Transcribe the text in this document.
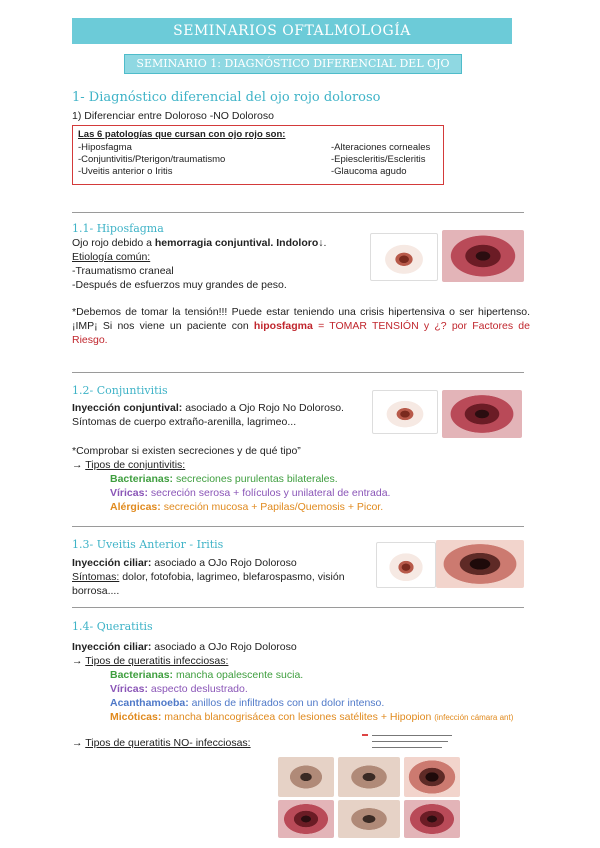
SEMINARIOS OFTALMOLOGÍA
SEMINARIO 1: DIAGNÓSTICO DIFERENCIAL DEL OJO ROJO
1- Diagnóstico diferencial del ojo rojo doloroso
1) Diferenciar entre Doloroso -NO Doloroso
Las 6 patologías que cursan con ojo rojo son:
-Hiposfagma
-Conjuntivitis/Pterigon/traumatismo
-Uveitis anterior o Iritis
-Alteraciones corneales
-Epiescleritis/Escleritis
-Glaucoma agudo
1.1- Hiposfagma
Ojo rojo debido a hemorragia conjuntival. Indoloro↓.
Etiología común:
-Traumatismo craneal
-Después de esfuerzos muy grandes de peso.
*Debemos de tomar la tensión!!! Puede estar teniendo una crisis hipertensiva o ser hipertenso. ¡IMP¡ Si nos viene un paciente con hiposfagma = TOMAR TENSIÓN y ¿? por Factores de Riesgo.
1.2- Conjuntivitis
Inyección conjuntival: asociado a Ojo Rojo No Doloroso.
Síntomas de cuerpo extraño-arenilla, lagrimeo...
*Comprobar si existen secreciones y de qué tipo”
→ Tipos de conjuntivitis:
Bacterianas: secreciones purulentas bilaterales.
Víricas: secreción serosa + folículos y unilateral de entrada.
Alérgicas: secreción mucosa + Papilas/Quemosis + Picor.
1.3- Uveitis Anterior - Iritis
Inyección ciliar: asociado a OJo Rojo Doloroso
Síntomas: dolor, fotofobia, lagrimeo, blefarospasmo, visión borrosa....
1.4- Queratitis
Inyección ciliar: asociado a OJo Rojo Doloroso
→ Tipos de queratitis infecciosas:
Bacterianas: mancha opalescente sucia.
Víricas: aspecto deslustrado.
Acanthamoeba: anillos de infiltrados con un dolor intenso.
Micóticas: mancha blancogrisácea con lesiones satélites + Hipopion (infección cámara ant)
→ Tipos de queratitis NO- infecciosas:
